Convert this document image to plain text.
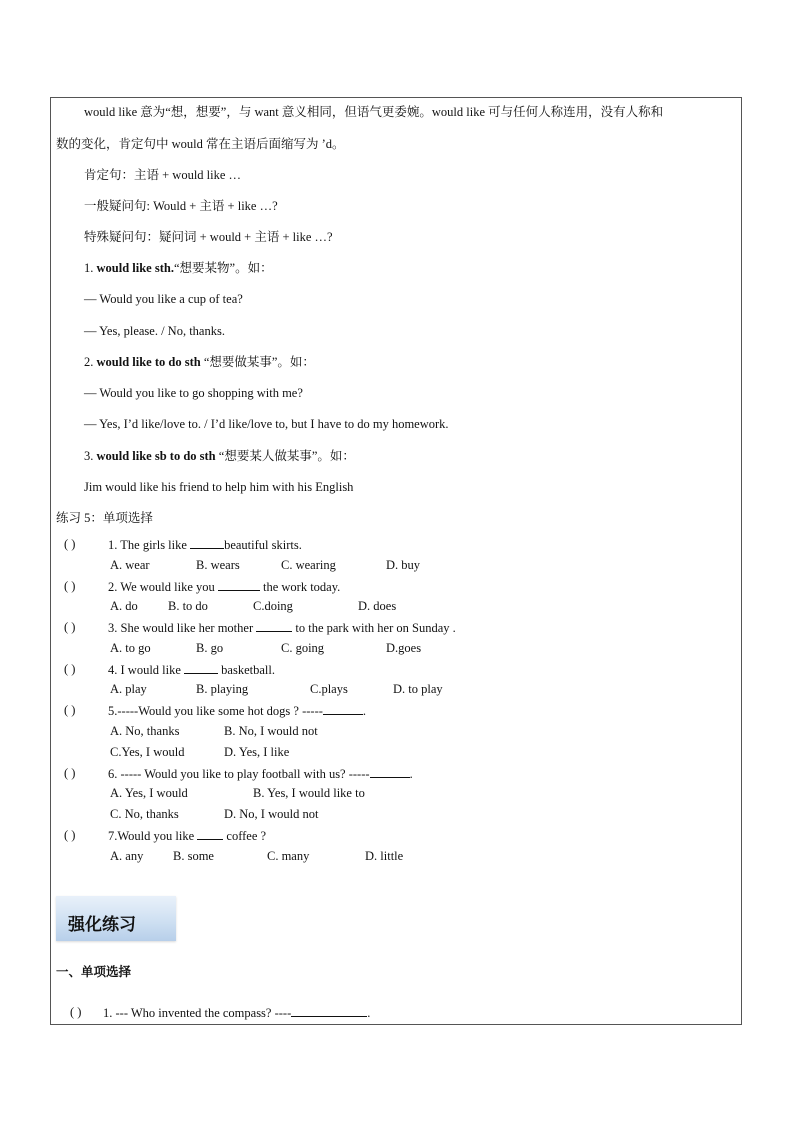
would like 意为“想，想要”，与 want 意义相同，但语气更委婉。would like 可与任何人称连用，没有人称和
数的变化，肯定句中 would 常在主语后面缩写为 ’d。
肯定句：主语 + would like …
一般疑问句: Would + 主语 + like …?
特殊疑问句：疑问词 + would + 主语 + like …?
1. would like sth.“想要某物”。如：
— Would you like a cup of tea?
— Yes, please. / No, thanks.
2. would like to do sth “想要做某事”。如：
— Would you like to go shopping with me?
— Yes, I’d like/love to. / I’d like/love to, but I have to do my homework.
3. would like sb to do sth “想要某人做某事”。如：
Jim would like his friend to help him with his English
练习 5：单项选择
( )	1. The girls like	beautiful skirts.
A. wear	B. wears	C. wearing	D. buy
( )	2. We would like you	the work today.
A. do B. to do	C.doing	D. does
( )	3. She would like her mother	to the park with her on Sunday .
A. to go	B. go	C. going	D.goes
( )	4. I would like	basketball.
A. play	B. playing	C.plays	D. to play
( )	5.-----Would you like some hot dogs ? -----	.
A. No, thanks	B. No, I would not
C.Yes, I would	D. Yes, I like
( )	6. ----- Would you like to play football with us? -----	.
A. Yes, I would	B. Yes, I would like to
C. No, thanks	D. No, I would not
( )	7.Would you like  coffee ?
A. any B. some	C. many	D. little
强化练习
一、单项选择
( ) 1. --- Who invented the compass? ----	.
